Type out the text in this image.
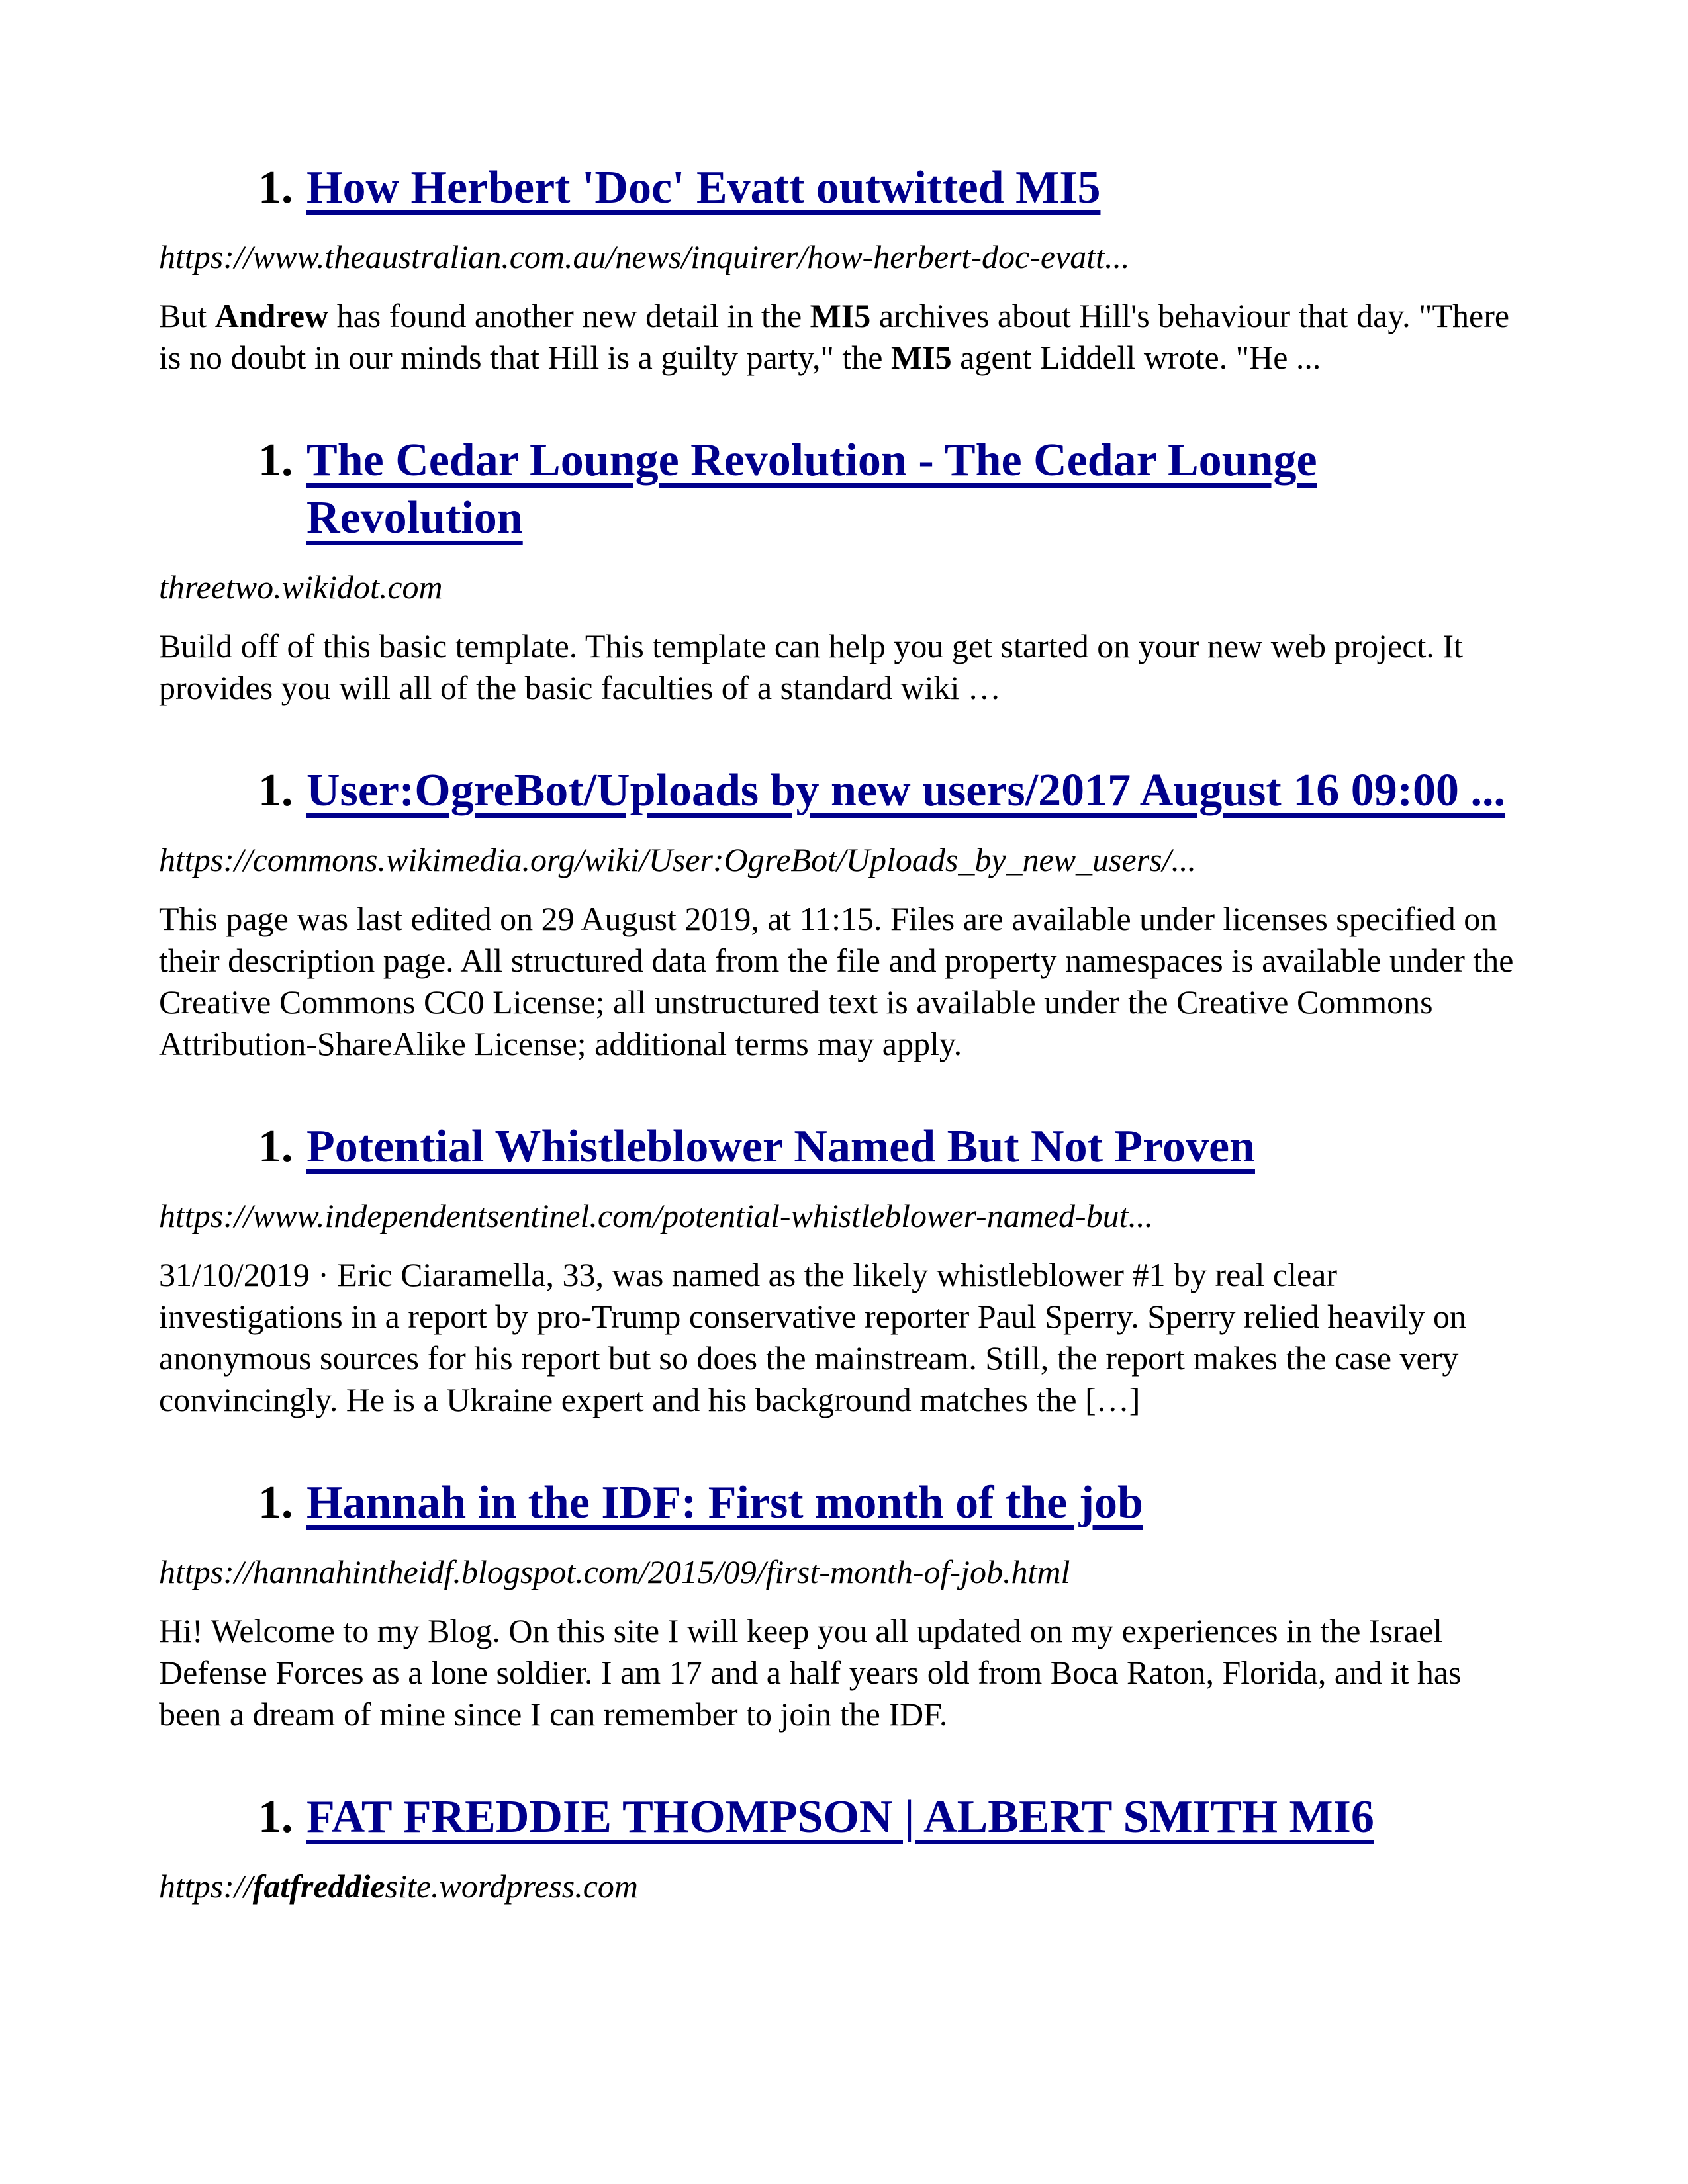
1. How Herbert 'Doc' Evatt outwitted MI5

https://www.theaustralian.com.au/news/inquirer/how-herbert-doc-evatt...

But Andrew has found another new detail in the MI5 archives about Hill's behaviour that day. "There is no doubt in our minds that Hill is a guilty party," the MI5 agent Liddell wrote. "He ...

1. The Cedar Lounge Revolution - The Cedar Lounge Revolution

threetwo.wikidot.com

Build off of this basic template. This template can help you get started on your new web project. It provides you will all of the basic faculties of a standard wiki …

1. User:OgreBot/Uploads by new users/2017 August 16 09:00 ...

https://commons.wikimedia.org/wiki/User:OgreBot/Uploads_by_new_users/...

This page was last edited on 29 August 2019, at 11:15. Files are available under licenses specified on their description page. All structured data from the file and property namespaces is available under the Creative Commons CC0 License; all unstructured text is available under the Creative Commons Attribution-ShareAlike License; additional terms may apply.

1. Potential Whistleblower Named But Not Proven

https://www.independentsentinel.com/potential-whistleblower-named-but...

31/10/2019 · Eric Ciaramella, 33, was named as the likely whistleblower #1 by real clear investigations in a report by pro-Trump conservative reporter Paul Sperry. Sperry relied heavily on anonymous sources for his report but so does the mainstream. Still, the report makes the case very convincingly. He is a Ukraine expert and his background matches the […]

1. Hannah in the IDF: First month of the job

https://hannahintheidf.blogspot.com/2015/09/first-month-of-job.html

Hi! Welcome to my Blog. On this site I will keep you all updated on my experiences in the Israel Defense Forces as a lone soldier. I am 17 and a half years old from Boca Raton, Florida, and it has been a dream of mine since I can remember to join the IDF.

1. FAT FREDDIE THOMPSON | ALBERT SMITH MI6

https://fatfreddiesite.wordpress.com
